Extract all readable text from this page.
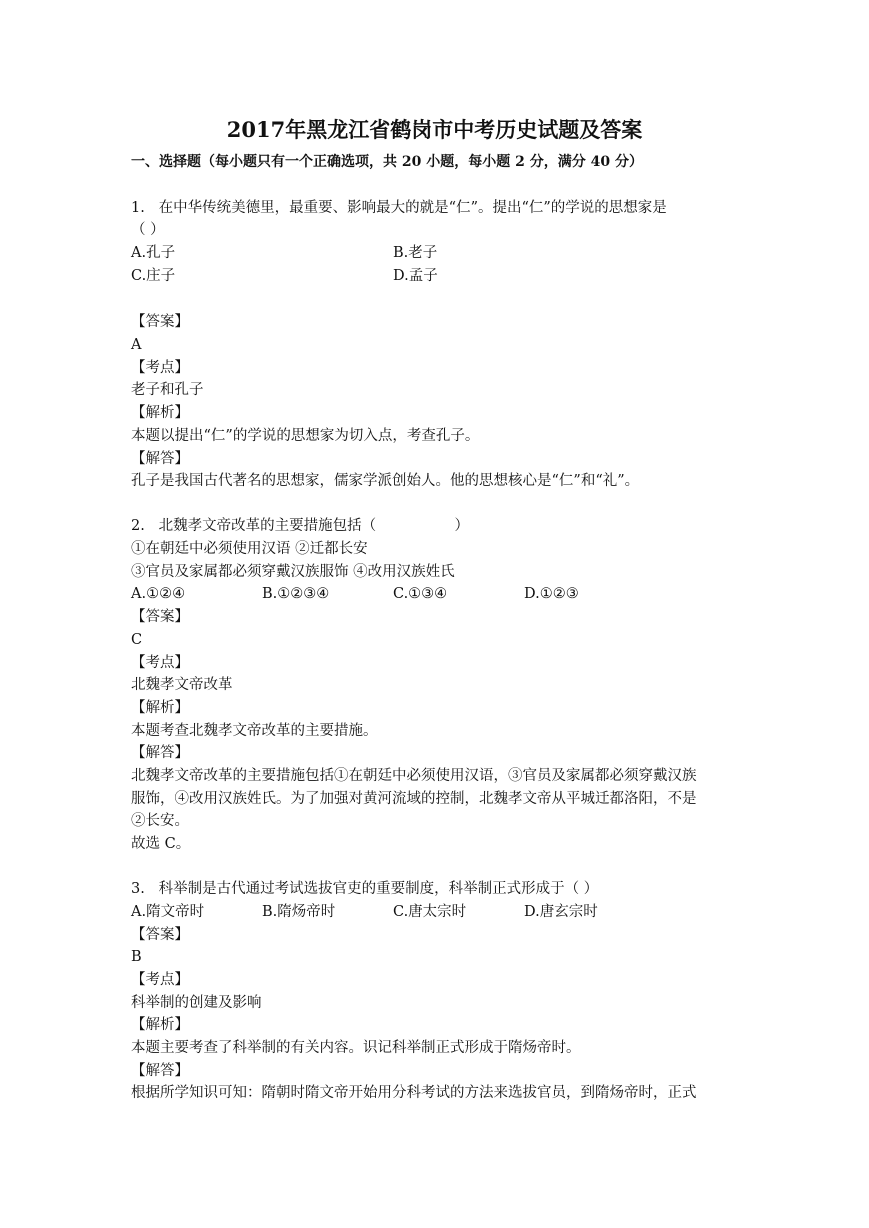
2017年黑龙江省鹤岗市中考历史试题及答案
一、选择题（每小题只有一个正确选项，共 20 小题，每小题 2 分，满分 40 分）
1.   在中华传统美德里，最重要、影响最大的就是“仁”。提出“仁”的学说的思想家是
（ ）
A.孔子	B.老子
C.庄子	D.孟子
【答案】
A
【考点】
老子和孔子
【解析】
本题以提出“仁”的学说的思想家为切入点，考查孔子。
【解答】
孔子是我国古代著名的思想家，儒家学派创始人。他的思想核心是“仁”和“礼”。
2.   北魏孝文帝改革的主要措施包括（                 ）
①在朝廷中必须使用汉语 ②迁都长安
③官员及家属都必须穿戴汉族服饰 ④改用汉族姓氏
A.①②④	B.①②③④	C.①③④	D.①②③
【答案】
C
【考点】
北魏孝文帝改革
【解析】
本题考查北魏孝文帝改革的主要措施。
【解答】
北魏孝文帝改革的主要措施包括①在朝廷中必须使用汉语，③官员及家属都必须穿戴汉族
服饰，④改用汉族姓氏。为了加强对黄河流域的控制，北魏孝文帝从平城迁都洛阳，不是
②长安。
故选 C。
3.   科举制是古代通过考试选拔官吏的重要制度，科举制正式形成于（ ）
A.隋文帝时	B.隋炀帝时	C.唐太宗时	D.唐玄宗时
【答案】
B
【考点】
科举制的创建及影响
【解析】
本题主要考查了科举制的有关内容。识记科举制正式形成于隋炀帝时。
【解答】
根据所学知识可知：隋朝时隋文帝开始用分科考试的方法来选拔官员，到隋炀帝时，正式
